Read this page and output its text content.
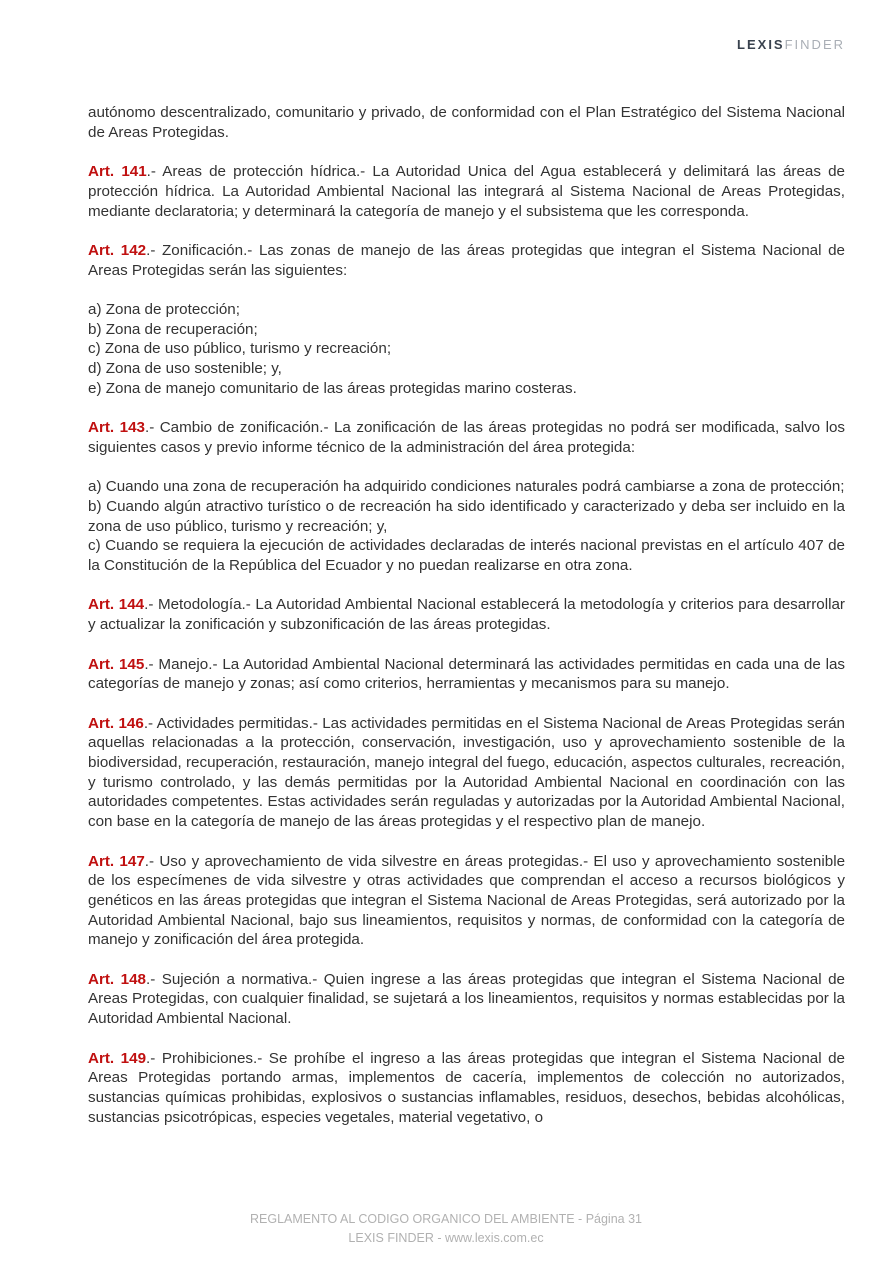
LEXISFINDER

autónomo descentralizado, comunitario y privado, de conformidad con el Plan Estratégico del Sistema Nacional de Areas Protegidas.

Art. 141.- Areas de protección hídrica.- La Autoridad Unica del Agua establecerá y delimitará las áreas de protección hídrica. La Autoridad Ambiental Nacional las integrará al Sistema Nacional de Areas Protegidas, mediante declaratoria; y determinará la categoría de manejo y el subsistema que les corresponda.

Art. 142.- Zonificación.- Las zonas de manejo de las áreas protegidas que integran el Sistema Nacional de Areas Protegidas serán las siguientes:

a) Zona de protección;
b) Zona de recuperación;
c) Zona de uso público, turismo y recreación;
d) Zona de uso sostenible; y,
e) Zona de manejo comunitario de las áreas protegidas marino costeras.

Art. 143.- Cambio de zonificación.- La zonificación de las áreas protegidas no podrá ser modificada, salvo los siguientes casos y previo informe técnico de la administración del área protegida:

a) Cuando una zona de recuperación ha adquirido condiciones naturales podrá cambiarse a zona de protección;
b) Cuando algún atractivo turístico o de recreación ha sido identificado y caracterizado y deba ser incluido en la zona de uso público, turismo y recreación; y,
c) Cuando se requiera la ejecución de actividades declaradas de interés nacional previstas en el artículo 407 de la Constitución de la República del Ecuador y no puedan realizarse en otra zona.

Art. 144.- Metodología.- La Autoridad Ambiental Nacional establecerá la metodología y criterios para desarrollar y actualizar la zonificación y subzonificación de las áreas protegidas.

Art. 145.- Manejo.- La Autoridad Ambiental Nacional determinará las actividades permitidas en cada una de las categorías de manejo y zonas; así como criterios, herramientas y mecanismos para su manejo.

Art. 146.- Actividades permitidas.- Las actividades permitidas en el Sistema Nacional de Areas Protegidas serán aquellas relacionadas a la protección, conservación, investigación, uso y aprovechamiento sostenible de la biodiversidad, recuperación, restauración, manejo integral del fuego, educación, aspectos culturales, recreación, y turismo controlado, y las demás permitidas por la Autoridad Ambiental Nacional en coordinación con las autoridades competentes. Estas actividades serán reguladas y autorizadas por la Autoridad Ambiental Nacional, con base en la categoría de manejo de las áreas protegidas y el respectivo plan de manejo.

Art. 147.- Uso y aprovechamiento de vida silvestre en áreas protegidas.- El uso y aprovechamiento sostenible de los especímenes de vida silvestre y otras actividades que comprendan el acceso a recursos biológicos y genéticos en las áreas protegidas que integran el Sistema Nacional de Areas Protegidas, será autorizado por la Autoridad Ambiental Nacional, bajo sus lineamientos, requisitos y normas, de conformidad con la categoría de manejo y zonificación del área protegida.

Art. 148.- Sujeción a normativa.- Quien ingrese a las áreas protegidas que integran el Sistema Nacional de Areas Protegidas, con cualquier finalidad, se sujetará a los lineamientos, requisitos y normas establecidas por la Autoridad Ambiental Nacional.

Art. 149.- Prohibiciones.- Se prohíbe el ingreso a las áreas protegidas que integran el Sistema Nacional de Areas Protegidas portando armas, implementos de cacería, implementos de colección no autorizados, sustancias químicas prohibidas, explosivos o sustancias inflamables, residuos, desechos, bebidas alcohólicas, sustancias psicotrópicas, especies vegetales, material vegetativo, o

REGLAMENTO AL CODIGO ORGANICO DEL AMBIENTE - Página 31
LEXIS FINDER - www.lexis.com.ec
